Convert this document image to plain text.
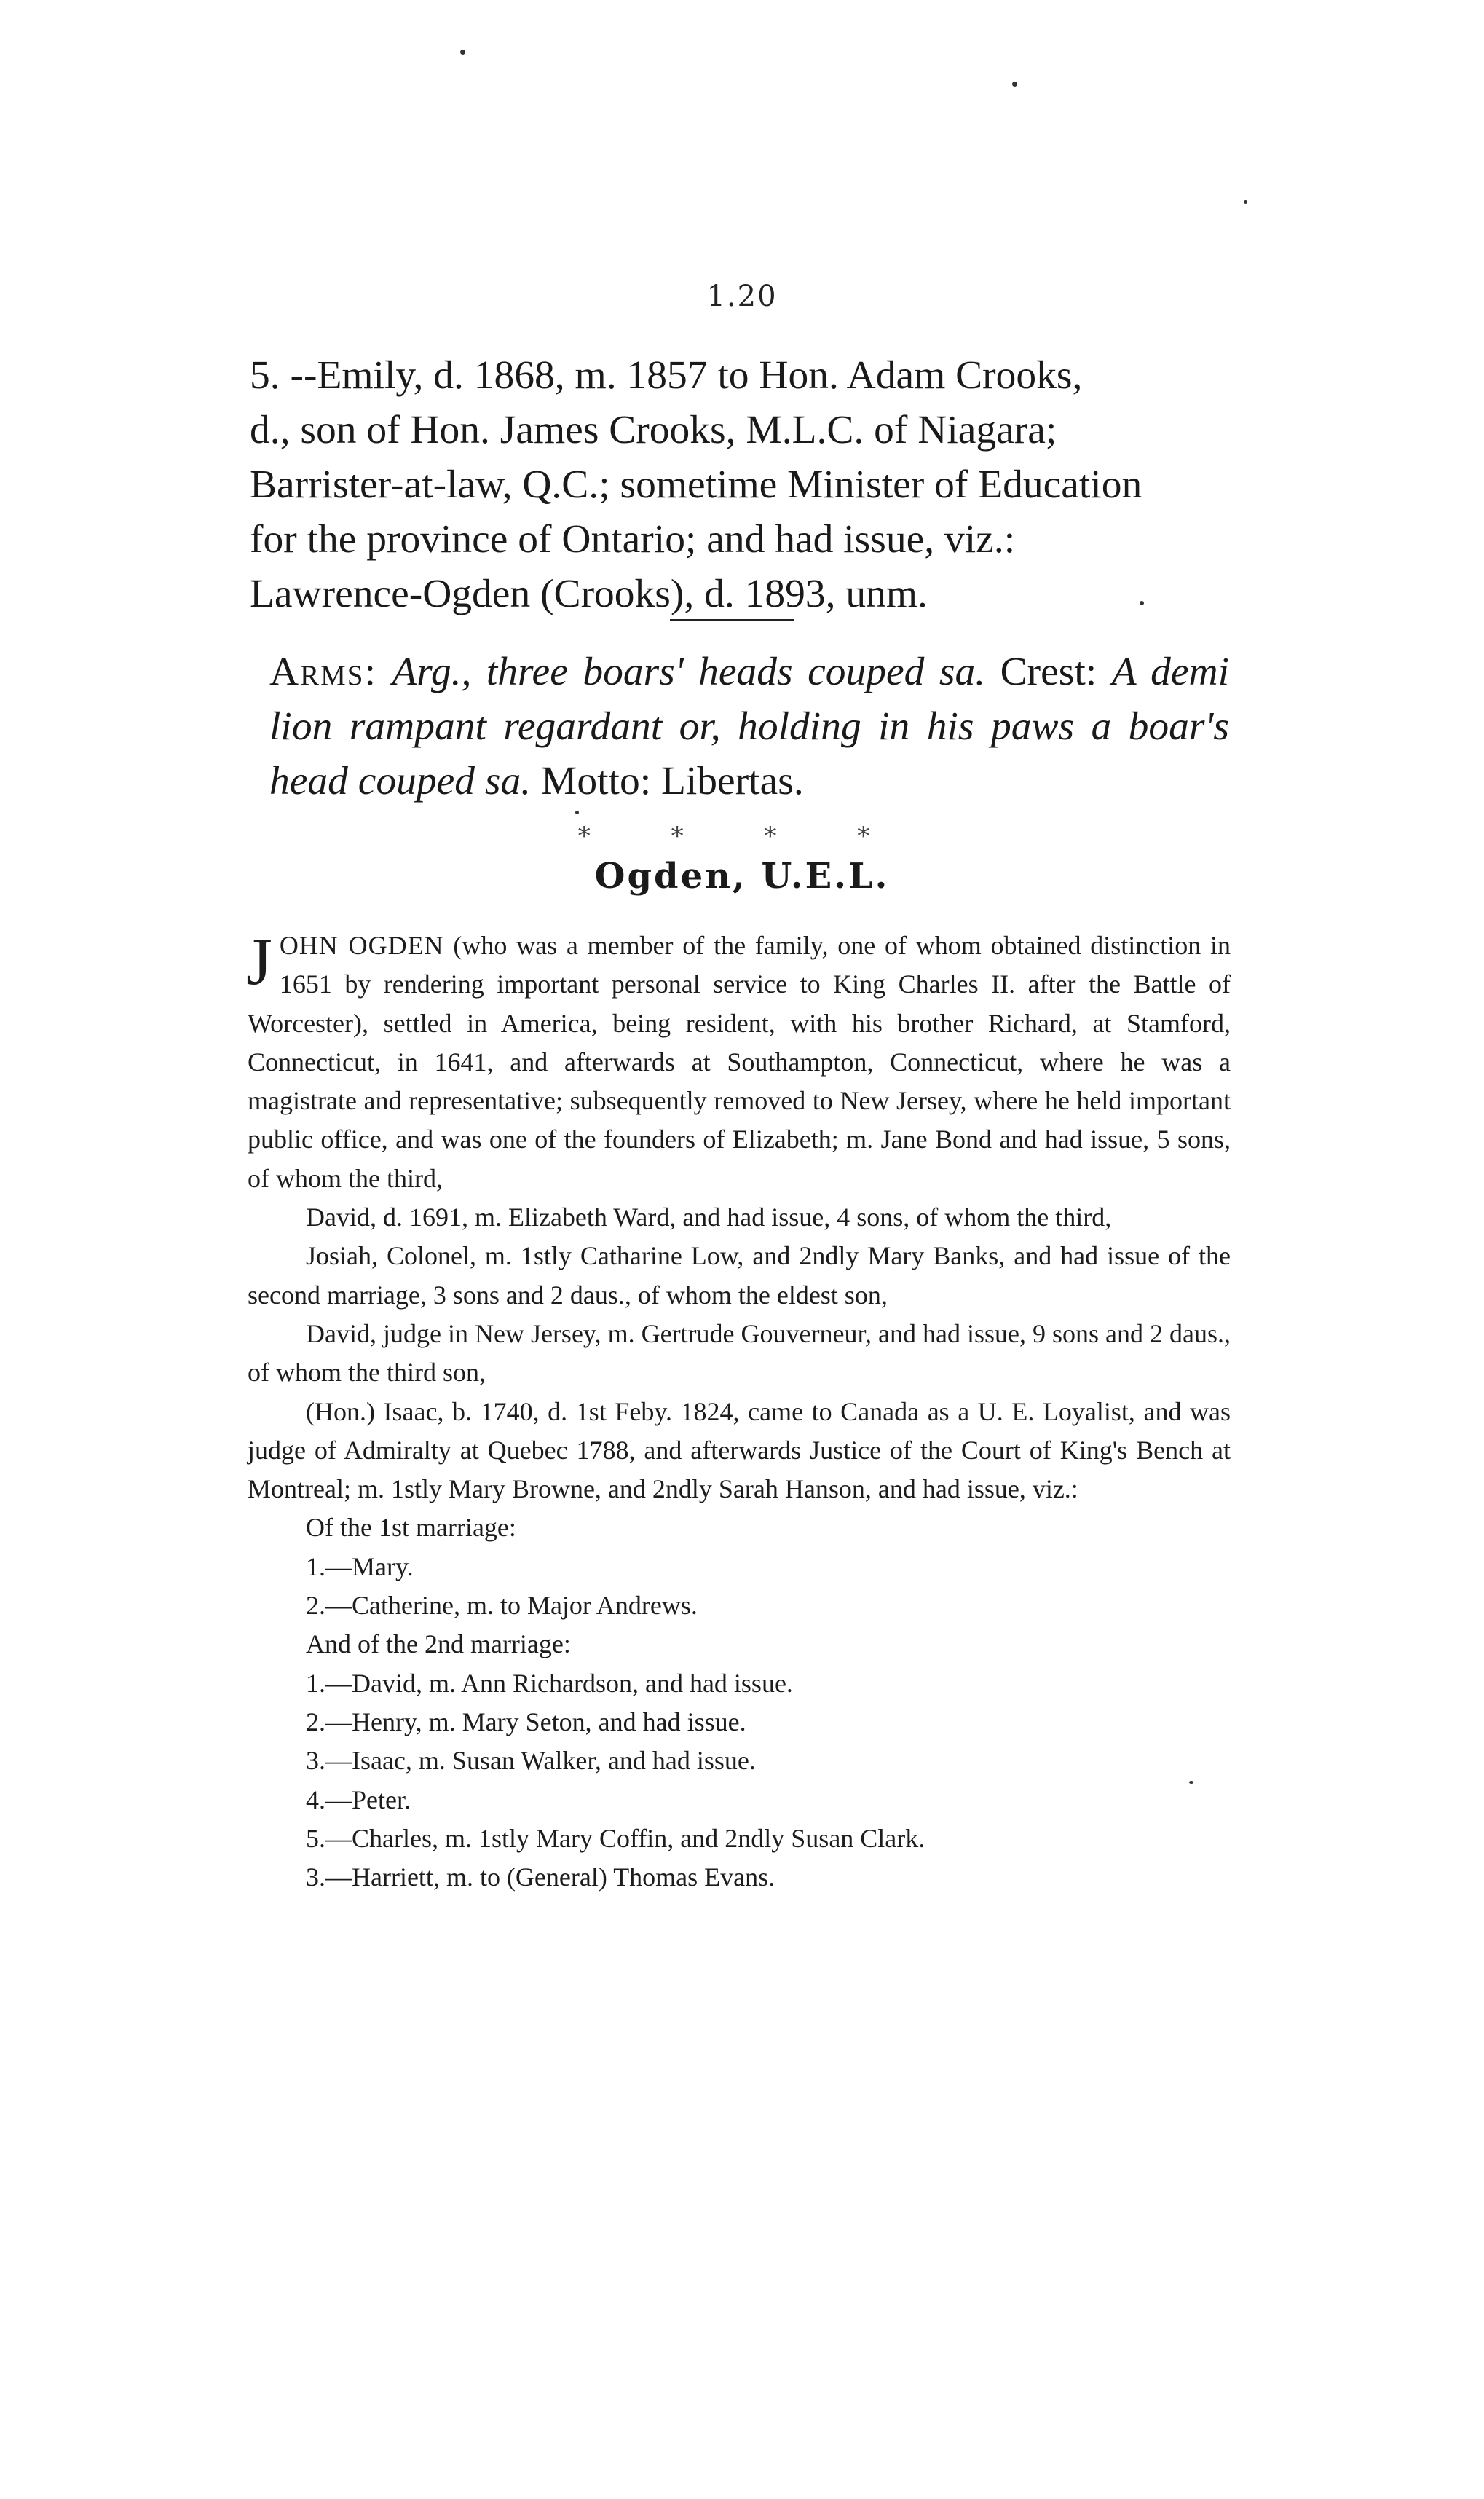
1.20
5. --Emily, d. 1868, m. 1857 to Hon. Adam Crooks,
d., son of Hon. James Crooks, M.L.C. of Niagara;
Barrister-at-law, Q.C.; sometime Minister of Education
for the province of Ontario; and had issue, viz.:
Lawrence-Ogden (Crooks), d. 1893, unm.
Arms: Arg., three boars' heads couped sa. Crest: A demi lion rampant regardant or, holding in his paws a boar's head couped sa. Motto: Libertas.
* * * *
Ogden, U.E.L.

JOHN OGDEN (who was a member of the family, one of whom obtained distinction in 1651 by rendering important personal service to King Charles II. after the Battle of Worcester), settled in America, being resident, with his brother Richard, at Stamford, Connecticut, in 1641, and afterwards at Southampton, Connecticut, where he was a magistrate and representative; subsequently removed to New Jersey, where he held important public office, and was one of the founders of Elizabeth; m. Jane Bond and had issue, 5 sons, of whom the third,

David, d. 1691, m. Elizabeth Ward, and had issue, 4 sons, of whom the third,

Josiah, Colonel, m. 1stly Catharine Low, and 2ndly Mary Banks, and had issue of the second marriage, 3 sons and 2 daus., of whom the eldest son,

David, judge in New Jersey, m. Gertrude Gouverneur, and had issue, 9 sons and 2 daus., of whom the third son,

(Hon.) Isaac, b. 1740, d. 1st Feby. 1824, came to Canada as a U. E. Loyalist, and was judge of Admiralty at Quebec 1788, and afterwards Justice of the Court of King's Bench at Montreal; m. 1stly Mary Browne, and 2ndly Sarah Hanson, and had issue, viz.:

Of the 1st marriage:

1.—Mary.

2.—Catherine, m. to Major Andrews.

And of the 2nd marriage:

1.—David, m. Ann Richardson, and had issue.

2.—Henry, m. Mary Seton, and had issue.

3.—Isaac, m. Susan Walker, and had issue.

4.—Peter.

5.—Charles, m. 1stly Mary Coffin, and 2ndly Susan Clark.

3.—Harriett, m. to (General) Thomas Evans.
